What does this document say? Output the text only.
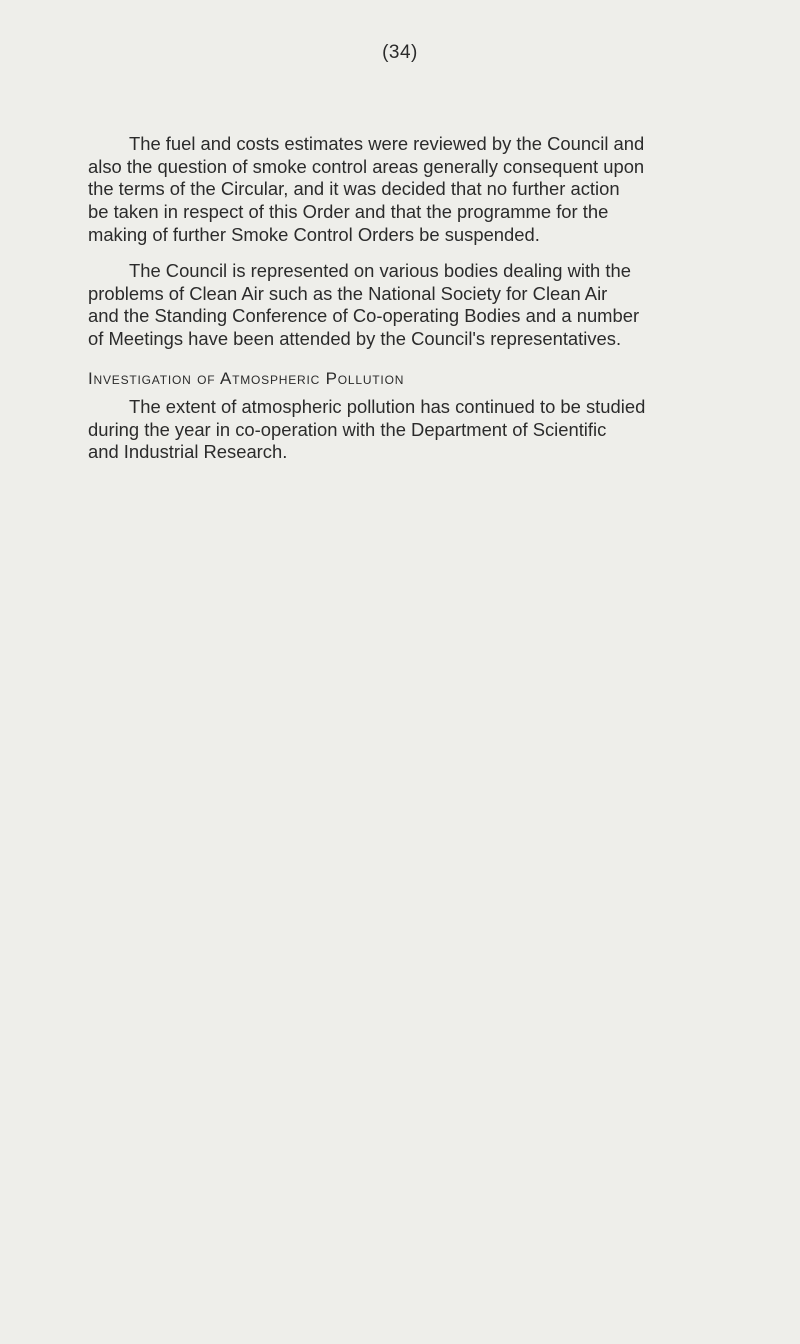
(34)

The fuel and costs estimates were reviewed by the Council and
also the question of smoke control areas generally consequent upon
the terms of the Circular, and it was decided that no further action
be taken in respect of this Order and that the programme for the
making of further Smoke Control Orders be suspended.

The Council is represented on various bodies dealing with the
problems of Clean Air such as the National Society for Clean Air
and the Standing Conference of Co-operating Bodies and a number
of Meetings have been attended by the Council's representatives.

Investigation of Atmospheric Pollution

The extent of atmospheric pollution has continued to be studied
during the year in co-operation with the Department of Scientific
and Industrial Research.
